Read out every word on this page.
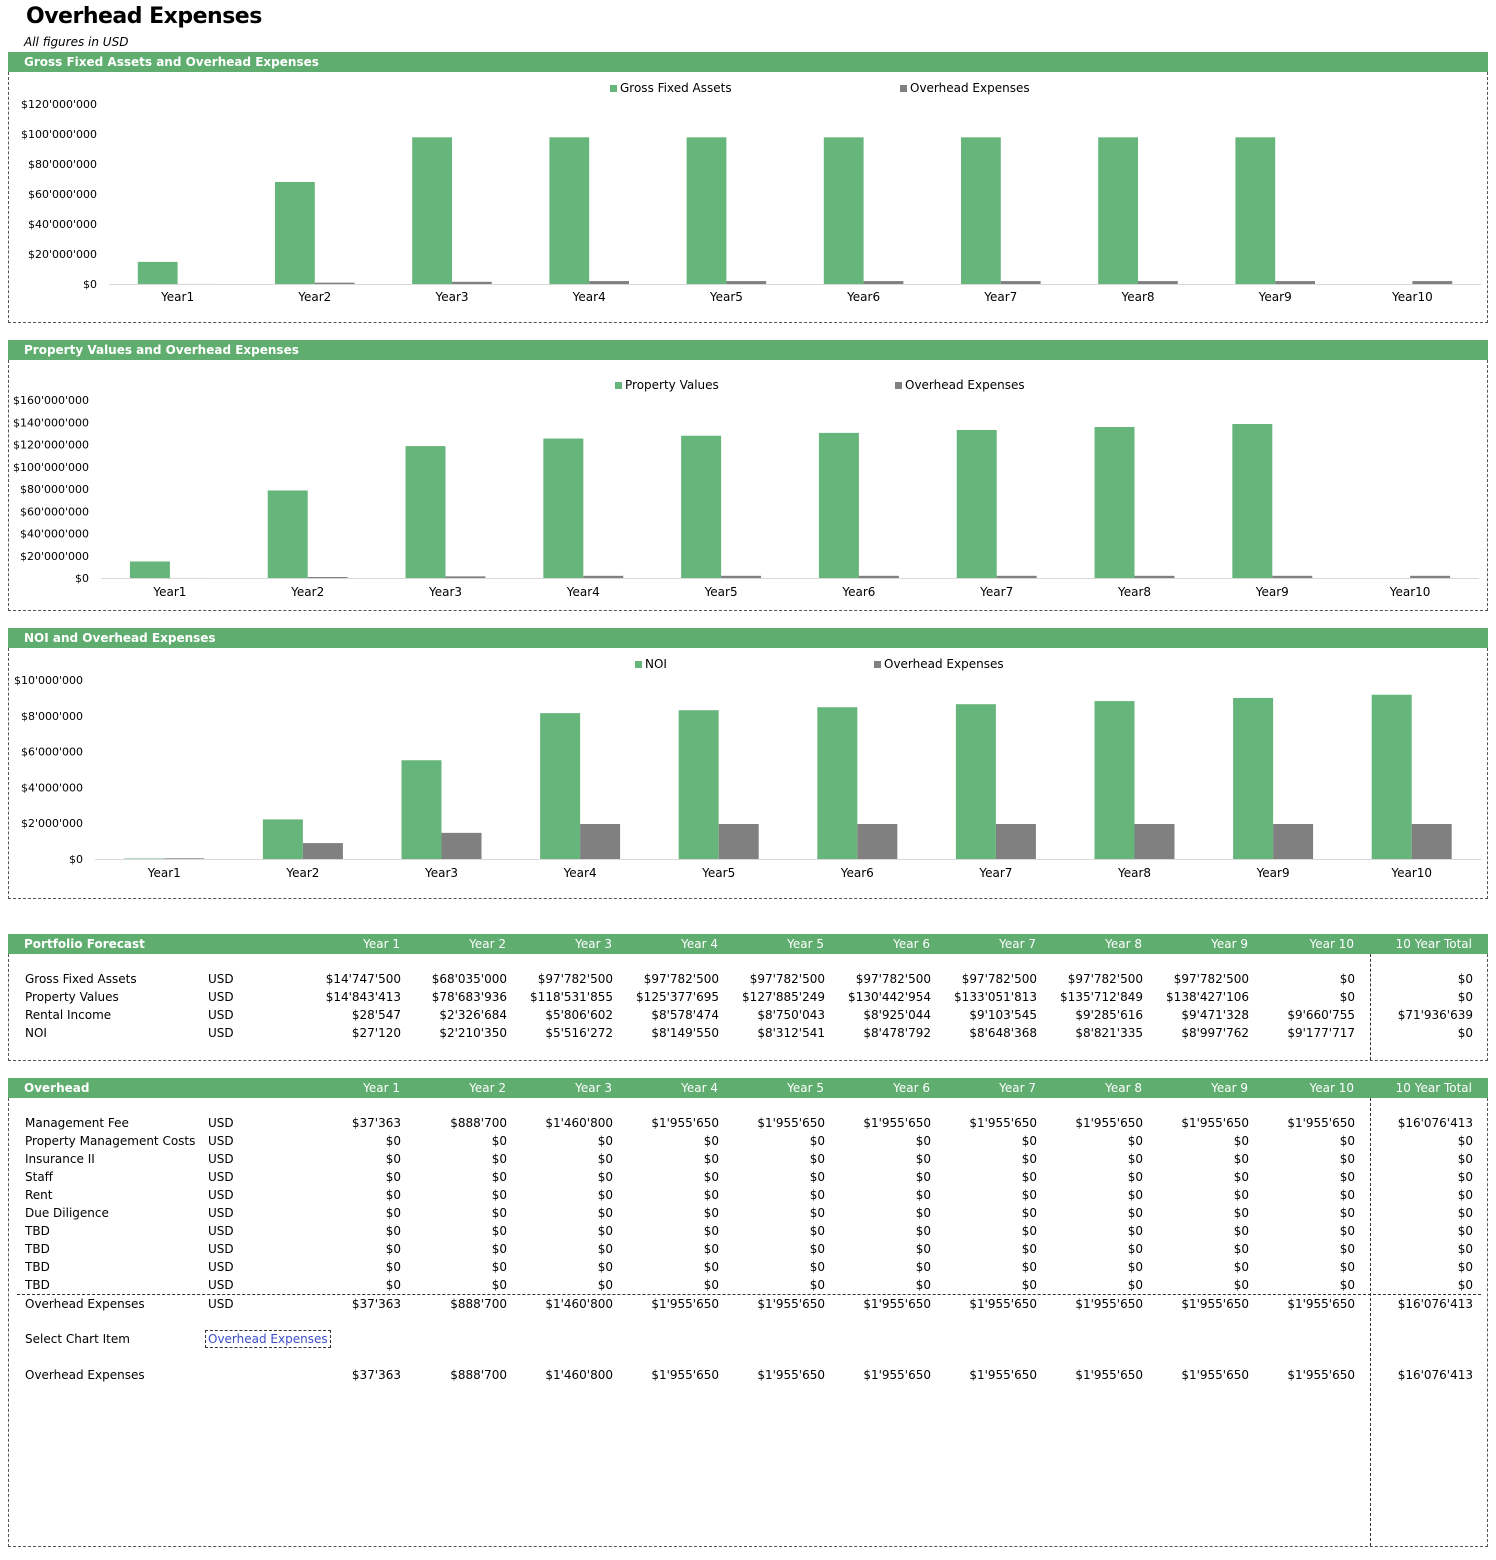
Overhead Expenses
All figures in USD
Gross Fixed Assets and Overhead Expenses
$0
$20'000'000
$40'000'000
$60'000'000
$80'000'000
$100'000'000
$120'000'000
Year1	Year2	Year3	Year4	Year5	Year6	Year7	Year8	Year9	Year10
Gross Fixed Assets	Overhead Expenses
Property Values and Overhead Expenses
$0
$20'000'000
$40'000'000
$60'000'000
$80'000'000
$100'000'000
$120'000'000
$140'000'000
$160'000'000
Year1	Year2	Year3	Year4	Year5	Year6	Year7	Year8	Year9	Year10
Property Values	Overhead Expenses
NOI and Overhead Expenses
$0
$2'000'000
$4'000'000
$6'000'000
$8'000'000
$10'000'000
Year1	Year2	Year3	Year4	Year5	Year6	Year7	Year8	Year9	Year10
NOI	Overhead Expenses
Portfolio Forecast	Year 1	Year 2	Year 3	Year 4	Year 5	Year 6	Year 7	Year 8	Year 9	Year 10	10 Year Total
Gross Fixed Assets	USD	$14'747'500	$68'035'000	$97'782'500	$97'782'500	$97'782'500	$97'782'500	$97'782'500	$97'782'500	$97'782'500	$0	$0
Property Values	USD	$14'843'413	$78'683'936	$118'531'855	$125'377'695	$127'885'249	$130'442'954	$133'051'813	$135'712'849	$138'427'106	$0	$0
Rental Income	USD	$28'547	$2'326'684	$5'806'602	$8'578'474	$8'750'043	$8'925'044	$9'103'545	$9'285'616	$9'471'328	$9'660'755	$71'936'639
NOI	USD	$27'120	$2'210'350	$5'516'272	$8'149'550	$8'312'541	$8'478'792	$8'648'368	$8'821'335	$8'997'762	$9'177'717	$0
Overhead	Year 1	Year 2	Year 3	Year 4	Year 5	Year 6	Year 7	Year 8	Year 9	Year 10	10 Year Total
Management Fee	USD	$37'363	$888'700	$1'460'800	$1'955'650	$1'955'650	$1'955'650	$1'955'650	$1'955'650	$1'955'650	$1'955'650	$16'076'413
Property Management Costs USD	$0	$0	$0	$0	$0	$0	$0	$0	$0	$0	$0
Insurance II	USD	$0	$0	$0	$0	$0	$0	$0	$0	$0	$0	$0
Staff	USD	$0	$0	$0	$0	$0	$0	$0	$0	$0	$0	$0
Rent	USD	$0	$0	$0	$0	$0	$0	$0	$0	$0	$0	$0
Due Diligence	USD	$0	$0	$0	$0	$0	$0	$0	$0	$0	$0	$0
TBD	USD	$0	$0	$0	$0	$0	$0	$0	$0	$0	$0	$0
TBD	USD	$0	$0	$0	$0	$0	$0	$0	$0	$0	$0	$0
TBD	USD	$0	$0	$0	$0	$0	$0	$0	$0	$0	$0	$0
TBD	USD	$0	$0	$0	$0	$0	$0	$0	$0	$0	$0	$0
Overhead Expenses	USD	$37'363	$888'700	$1'460'800	$1'955'650	$1'955'650	$1'955'650	$1'955'650	$1'955'650	$1'955'650	$1'955'650	$16'076'413
Select Chart Item	Overhead Expenses
Overhead Expenses	$37'363	$888'700	$1'460'800	$1'955'650	$1'955'650	$1'955'650	$1'955'650	$1'955'650	$1'955'650	$1'955'650	$16'076'413
